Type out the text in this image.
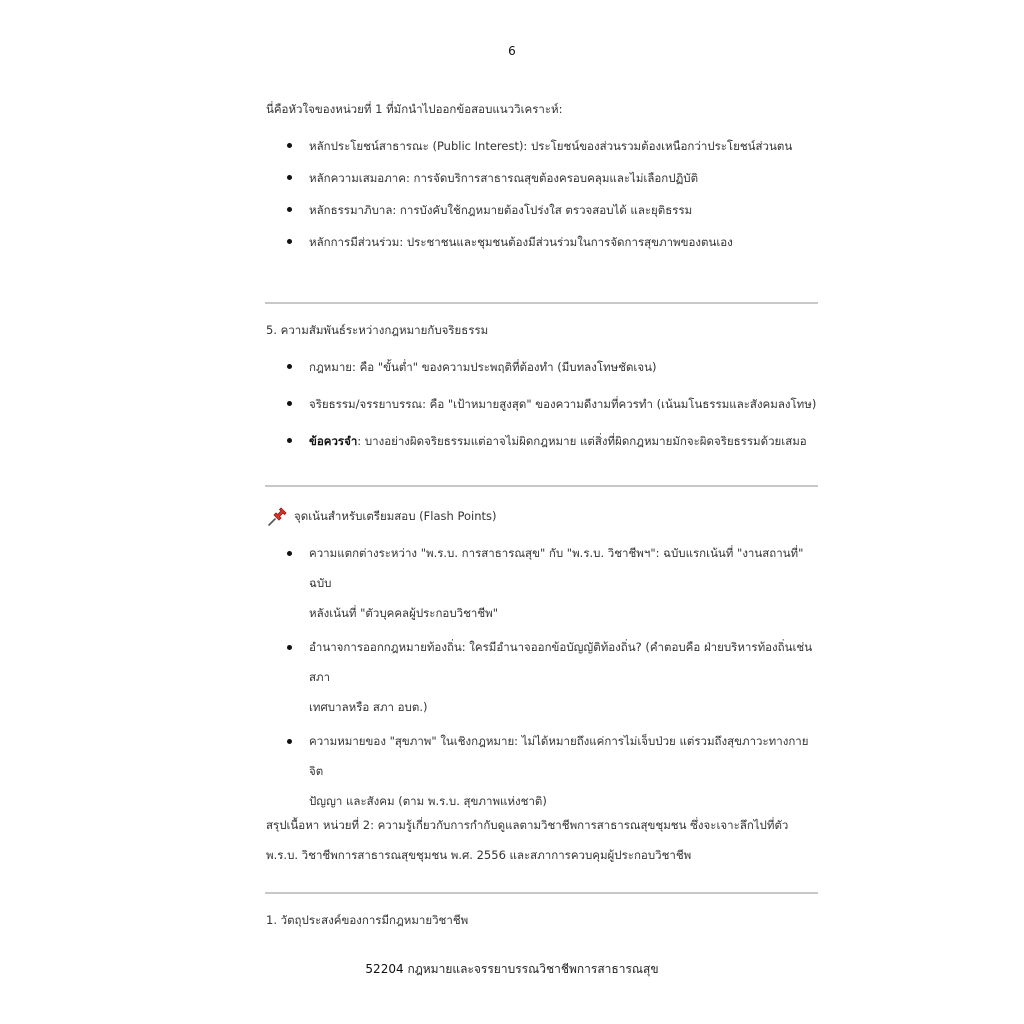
6
นี่คือหัวใจของหน่วยที่ 1 ที่มักนำไปออกข้อสอบแนววิเคราะห์:
หลักประโยชน์สาธารณะ (Public Interest): ประโยชน์ของส่วนรวมต้องเหนือกว่าประโยชน์ส่วนตน
หลักความเสมอภาค: การจัดบริการสาธารณสุขต้องครอบคลุมและไม่เลือกปฏิบัติ
หลักธรรมาภิบาล: การบังคับใช้กฎหมายต้องโปร่งใส ตรวจสอบได้ และยุติธรรม
หลักการมีส่วนร่วม: ประชาชนและชุมชนต้องมีส่วนร่วมในการจัดการสุขภาพของตนเอง
5. ความสัมพันธ์ระหว่างกฎหมายกับจริยธรรม
กฎหมาย: คือ "ขั้นต่ำ" ของความประพฤติที่ต้องทำ (มีบทลงโทษชัดเจน)
จริยธรรม/จรรยาบรรณ: คือ "เป้าหมายสูงสุด" ของความดีงามที่ควรทำ (เน้นมโนธรรมและสังคมลงโทษ)
ข้อควรจำ: บางอย่างผิดจริยธรรมแต่อาจไม่ผิดกฎหมาย แต่สิ่งที่ผิดกฎหมายมักจะผิดจริยธรรมด้วยเสมอ
จุดเน้นสำหรับเตรียมสอบ (Flash Points)
ความแตกต่างระหว่าง "พ.ร.บ. การสาธารณสุข" กับ "พ.ร.บ. วิชาชีพฯ": ฉบับแรกเน้นที่ "งานสถานที่" ฉบับ
หลังเน้นที่ "ตัวบุคคลผู้ประกอบวิชาชีพ"
อำนาจการออกกฎหมายท้องถิ่น: ใครมีอำนาจออกข้อบัญญัติท้องถิ่น? (คำตอบคือ ฝ่ายบริหารท้องถิ่นเช่น สภา
เทศบาลหรือ สภา อบต.)
ความหมายของ "สุขภาพ" ในเชิงกฎหมาย: ไม่ได้หมายถึงแค่การไม่เจ็บป่วย แต่รวมถึงสุขภาวะทางกาย จิต
ปัญญา และสังคม (ตาม พ.ร.บ. สุขภาพแห่งชาติ)
สรุปเนื้อหา หน่วยที่ 2: ความรู้เกี่ยวกับการกำกับดูแลตามวิชาชีพการสาธารณสุขชุมชน ซึ่งจะเจาะลึกไปที่ตัว
พ.ร.บ. วิชาชีพการสาธารณสุขชุมชน พ.ศ. 2556 และสภาการควบคุมผู้ประกอบวิชาชีพ
1. วัตถุประสงค์ของการมีกฎหมายวิชาชีพ
52204 กฎหมายและจรรยาบรรณวิชาชีพการสาธารณสุข
